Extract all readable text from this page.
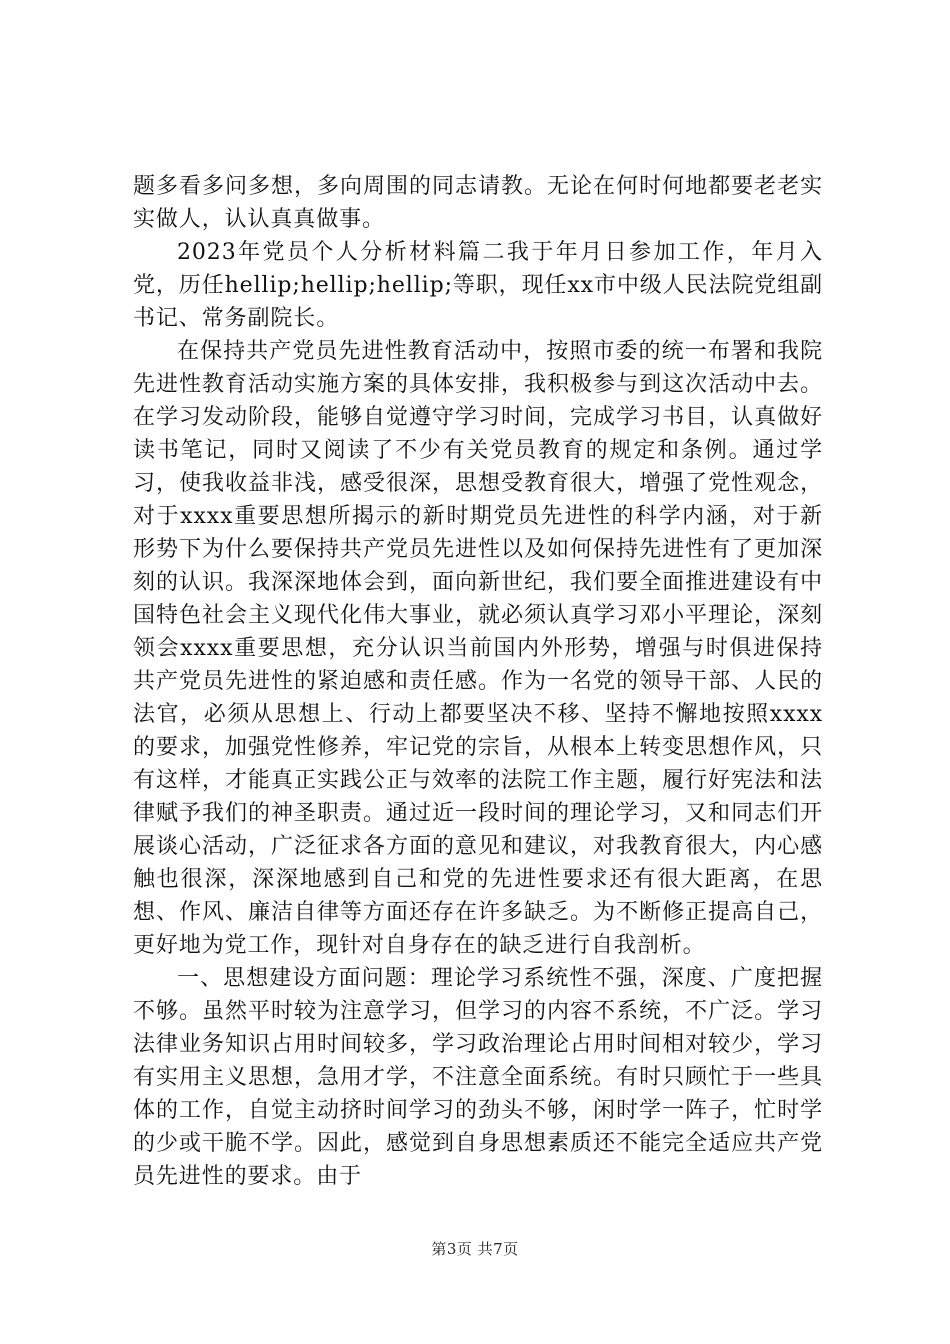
题多看多问多想，多向周围的同志请教。无论在何时何地都要老老实实做人，认认真真做事。

2023年党员个人分析材料篇二我于年月日参加工作，年月入党，历任hellip;hellip;hellip;等职，现任xx市中级人民法院党组副书记、常务副院长。

在保持共产党员先进性教育活动中，按照市委的统一布署和我院先进性教育活动实施方案的具体安排，我积极参与到这次活动中去。在学习发动阶段，能够自觉遵守学习时间，完成学习书目，认真做好读书笔记，同时又阅读了不少有关党员教育的规定和条例。通过学习，使我收益非浅，感受很深，思想受教育很大，增强了党性观念，对于xxxx重要思想所揭示的新时期党员先进性的科学内涵，对于新形势下为什么要保持共产党员先进性以及如何保持先进性有了更加深刻的认识。我深深地体会到，面向新世纪，我们要全面推进建设有中国特色社会主义现代化伟大事业，就必须认真学习邓小平理论，深刻领会xxxx重要思想，充分认识当前国内外形势，增强与时俱进保持共产党员先进性的紧迫感和责任感。作为一名党的领导干部、人民的法官，必须从思想上、行动上都要坚决不移、坚持不懈地按照xxxx的要求，加强党性修养，牢记党的宗旨，从根本上转变思想作风，只有这样，才能真正实践公正与效率的法院工作主题，履行好宪法和法律赋予我们的神圣职责。通过近一段时间的理论学习，又和同志们开展谈心活动，广泛征求各方面的意见和建议，对我教育很大，内心感触也很深，深深地感到自己和党的先进性要求还有很大距离，在思想、作风、廉洁自律等方面还存在许多缺乏。为不断修正提高自己，更好地为党工作，现针对自身存在的缺乏进行自我剖析。

一、思想建设方面问题：理论学习系统性不强，深度、广度把握不够。虽然平时较为注意学习，但学习的内容不系统，不广泛。学习法律业务知识占用时间较多，学习政治理论占用时间相对较少，学习有实用主义思想，急用才学，不注意全面系统。有时只顾忙于一些具体的工作，自觉主动挤时间学习的劲头不够，闲时学一阵子，忙时学的少或干脆不学。因此，感觉到自身思想素质还不能完全适应共产党员先进性的要求。由于

第3页 共7页
